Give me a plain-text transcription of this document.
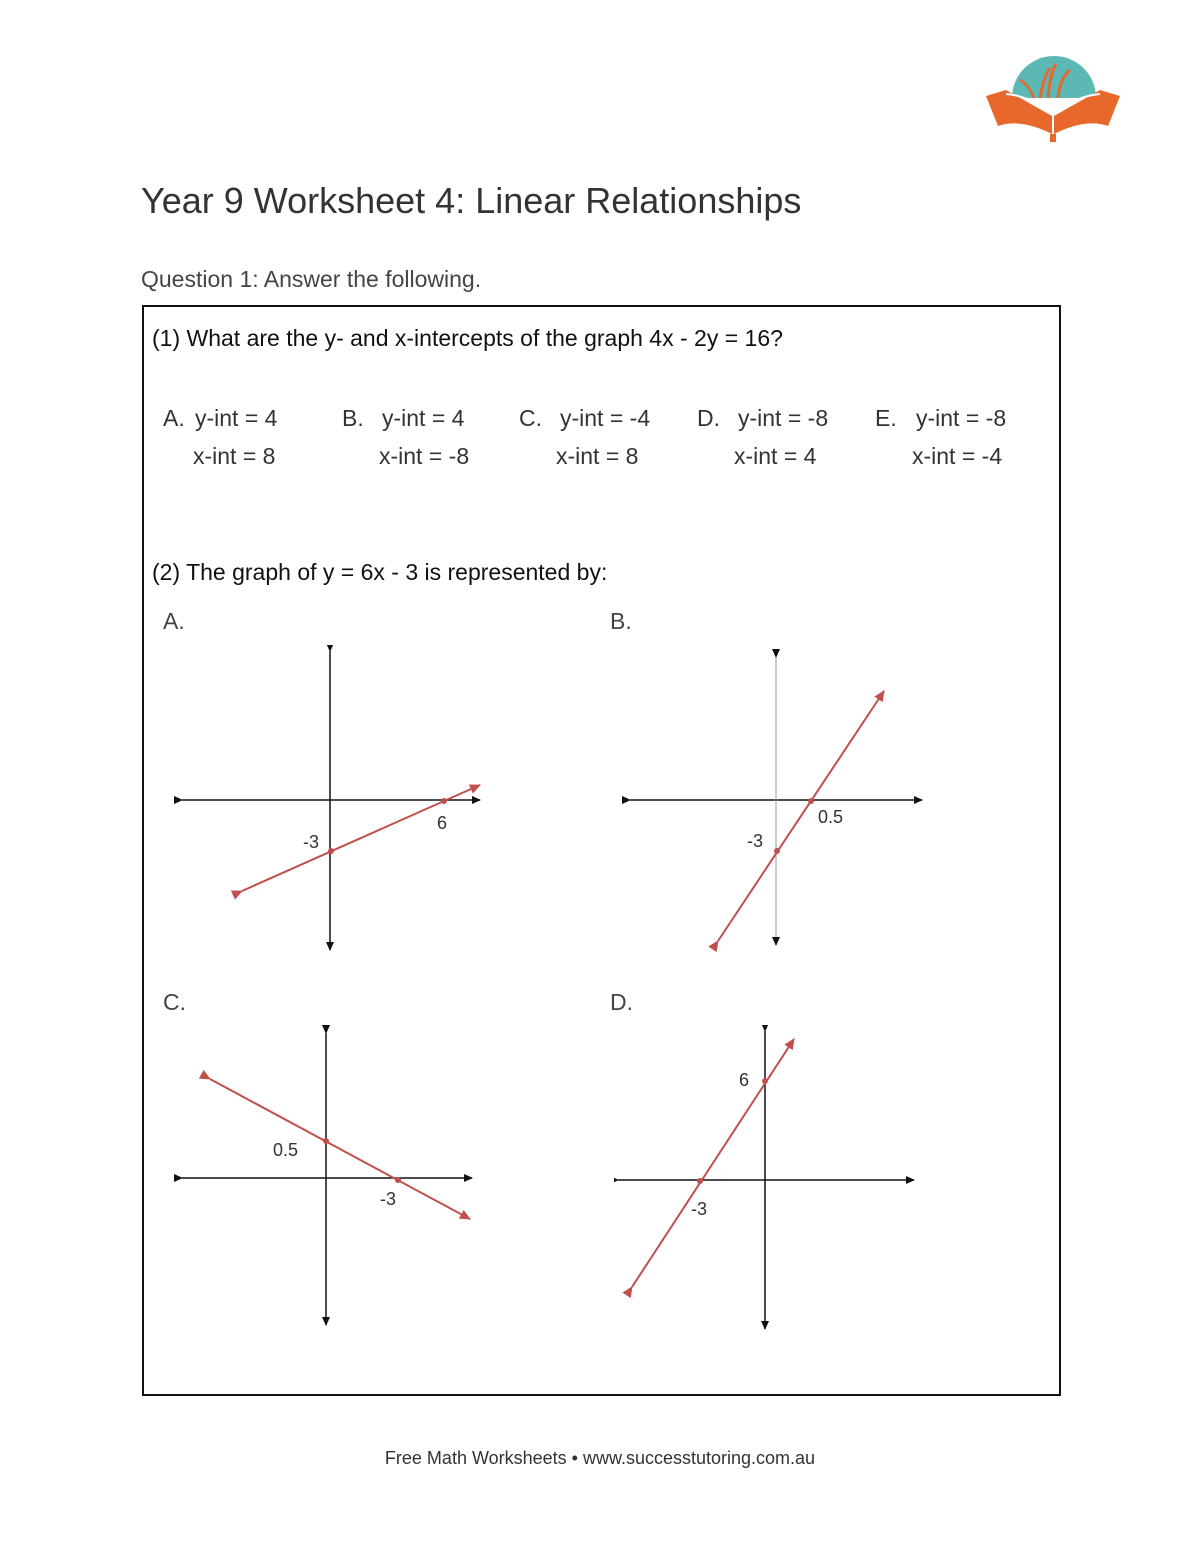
Year 9 Worksheet 4: Linear Relationships
Question 1: Answer the following.
(1) What are the y- and x-intercepts of the graph 4x - 2y = 16?
A. y-int = 4
x-int = 8
B. y-int = 4
x-int = -8
C. y-int = -4
x-int = 8
D. y-int = -8
x-int = 4
E. y-int = -8
x-int = -4
(2) The graph of y = 6x - 3 is represented by:
A.	B.
C.	D.
6
-3
0.5
-3
0.5
-3
6
-3
Free Math Worksheets • www.successtutoring.com.au
